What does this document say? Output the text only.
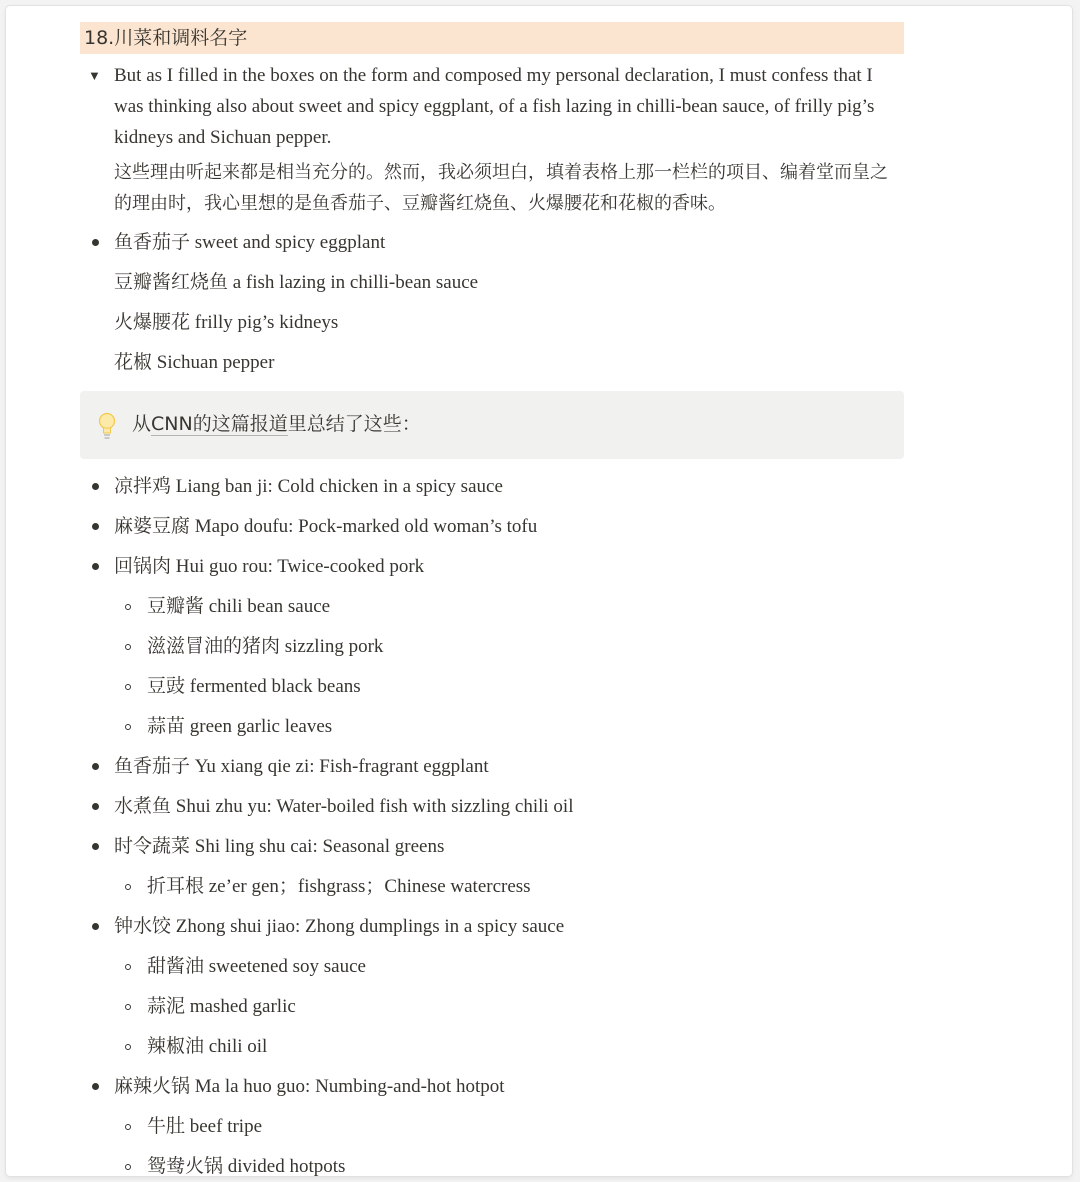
18.川菜和调料名字
▼ But as I filled in the boxes on the form and composed my personal declaration, I must confess that I was thinking also about sweet and spicy eggplant, of a fish lazing in chilli-bean sauce, of frilly pig’s kidneys and Sichuan pepper.
这些理由听起来都是相当充分的。然而，我必须坦白，填着表格上那一栏栏的项目、编着堂而皇之的理由时，我心里想的是鱼香茄子、豆瓣酱红烧鱼、火爆腰花和花椒的香味。
鱼香茄子 sweet and spicy eggplant
豆瓣酱红烧鱼 a fish lazing in chilli-bean sauce
火爆腰花 frilly pig’s kidneys
花椒 Sichuan pepper
从CNN的这篇报道里总结了这些：
凉拌鸡 Liang ban ji: Cold chicken in a spicy sauce
麻婆豆腐 Mapo doufu: Pock-marked old woman’s tofu
回锅肉 Hui guo rou: Twice-cooked pork
豆瓣酱 chili bean sauce
滋滋冒油的猪肉 sizzling pork
豆豉 fermented black beans
蒜苗 green garlic leaves
鱼香茄子 Yu xiang qie zi: Fish-fragrant eggplant
水煮鱼 Shui zhu yu: Water-boiled fish with sizzling chili oil
时令蔬菜 Shi ling shu cai: Seasonal greens
折耳根 ze’er gen；fishgrass；Chinese watercress
钟水饺 Zhong shui jiao: Zhong dumplings in a spicy sauce
甜酱油 sweetened soy sauce
蒜泥 mashed garlic
辣椒油 chili oil
麻辣火锅 Ma la huo guo: Numbing-and-hot hotpot
牛肚 beef tripe
鸳鸯火锅 divided hotpots
